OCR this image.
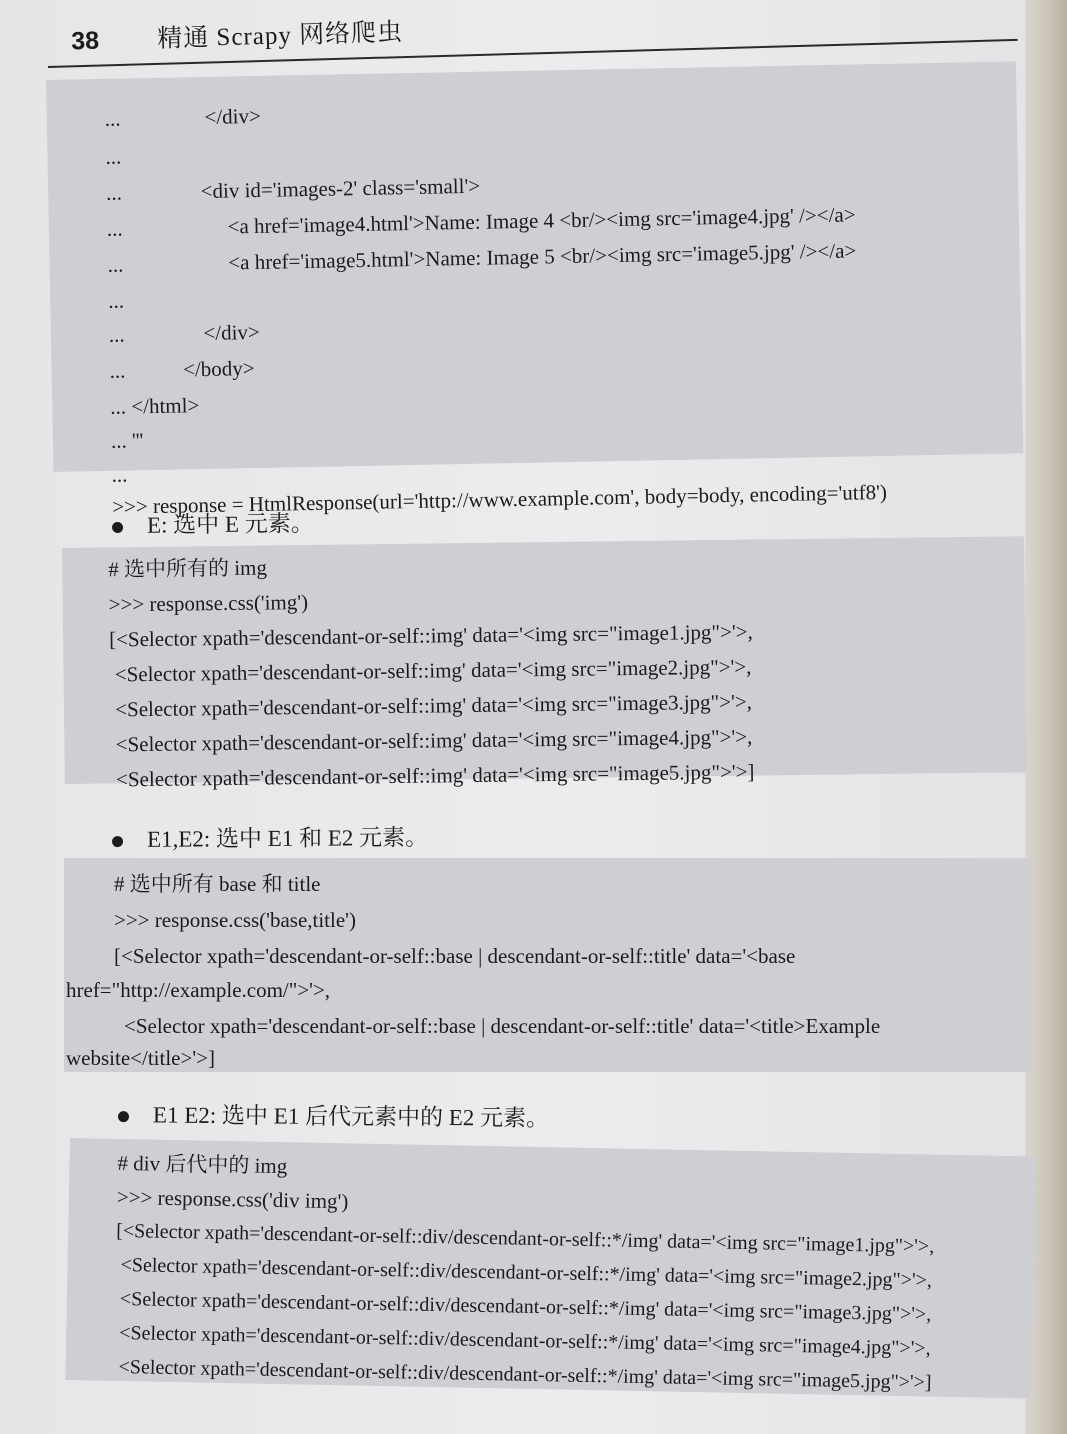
38 精通 Scrapy 网络爬虫
...                </div>
...
...               <div id='images-2' class='small'>
...                    <a href='image4.html'>Name: Image 4 <br/><img src='image4.jpg' /></a>
...                    <a href='image5.html'>Name: Image 5 <br/><img src='image5.jpg' /></a>
...
...               </div>
...           </body>
... </html>
... '''
...
>>> response = HtmlResponse(url='http://www.example.com', body=body, encoding='utf8')
E: 选中 E 元素。
# 选中所有的 img
>>> response.css('img')
[<Selector xpath='descendant-or-self::img' data='<img src="image1.jpg">'>,
<Selector xpath='descendant-or-self::img' data='<img src="image2.jpg">'>,
<Selector xpath='descendant-or-self::img' data='<img src="image3.jpg">'>,
<Selector xpath='descendant-or-self::img' data='<img src="image4.jpg">'>,
<Selector xpath='descendant-or-self::img' data='<img src="image5.jpg">'>]
E1,E2: 选中 E1 和 E2 元素。
# 选中所有 base 和 title
>>> response.css('base,title')
[<Selector xpath='descendant-or-self::base | descendant-or-self::title' data='<base
href="http://example.com/">'>,
<Selector xpath='descendant-or-self::base | descendant-or-self::title' data='<title>Example
website</title>'>]
E1 E2: 选中 E1 后代元素中的 E2 元素。
# div 后代中的 img
>>> response.css('div img')
[<Selector xpath='descendant-or-self::div/descendant-or-self::*/img' data='<img src="image1.jpg">'>,
<Selector xpath='descendant-or-self::div/descendant-or-self::*/img' data='<img src="image2.jpg">'>,
<Selector xpath='descendant-or-self::div/descendant-or-self::*/img' data='<img src="image3.jpg">'>,
<Selector xpath='descendant-or-self::div/descendant-or-self::*/img' data='<img src="image4.jpg">'>,
<Selector xpath='descendant-or-self::div/descendant-or-self::*/img' data='<img src="image5.jpg">'>]
